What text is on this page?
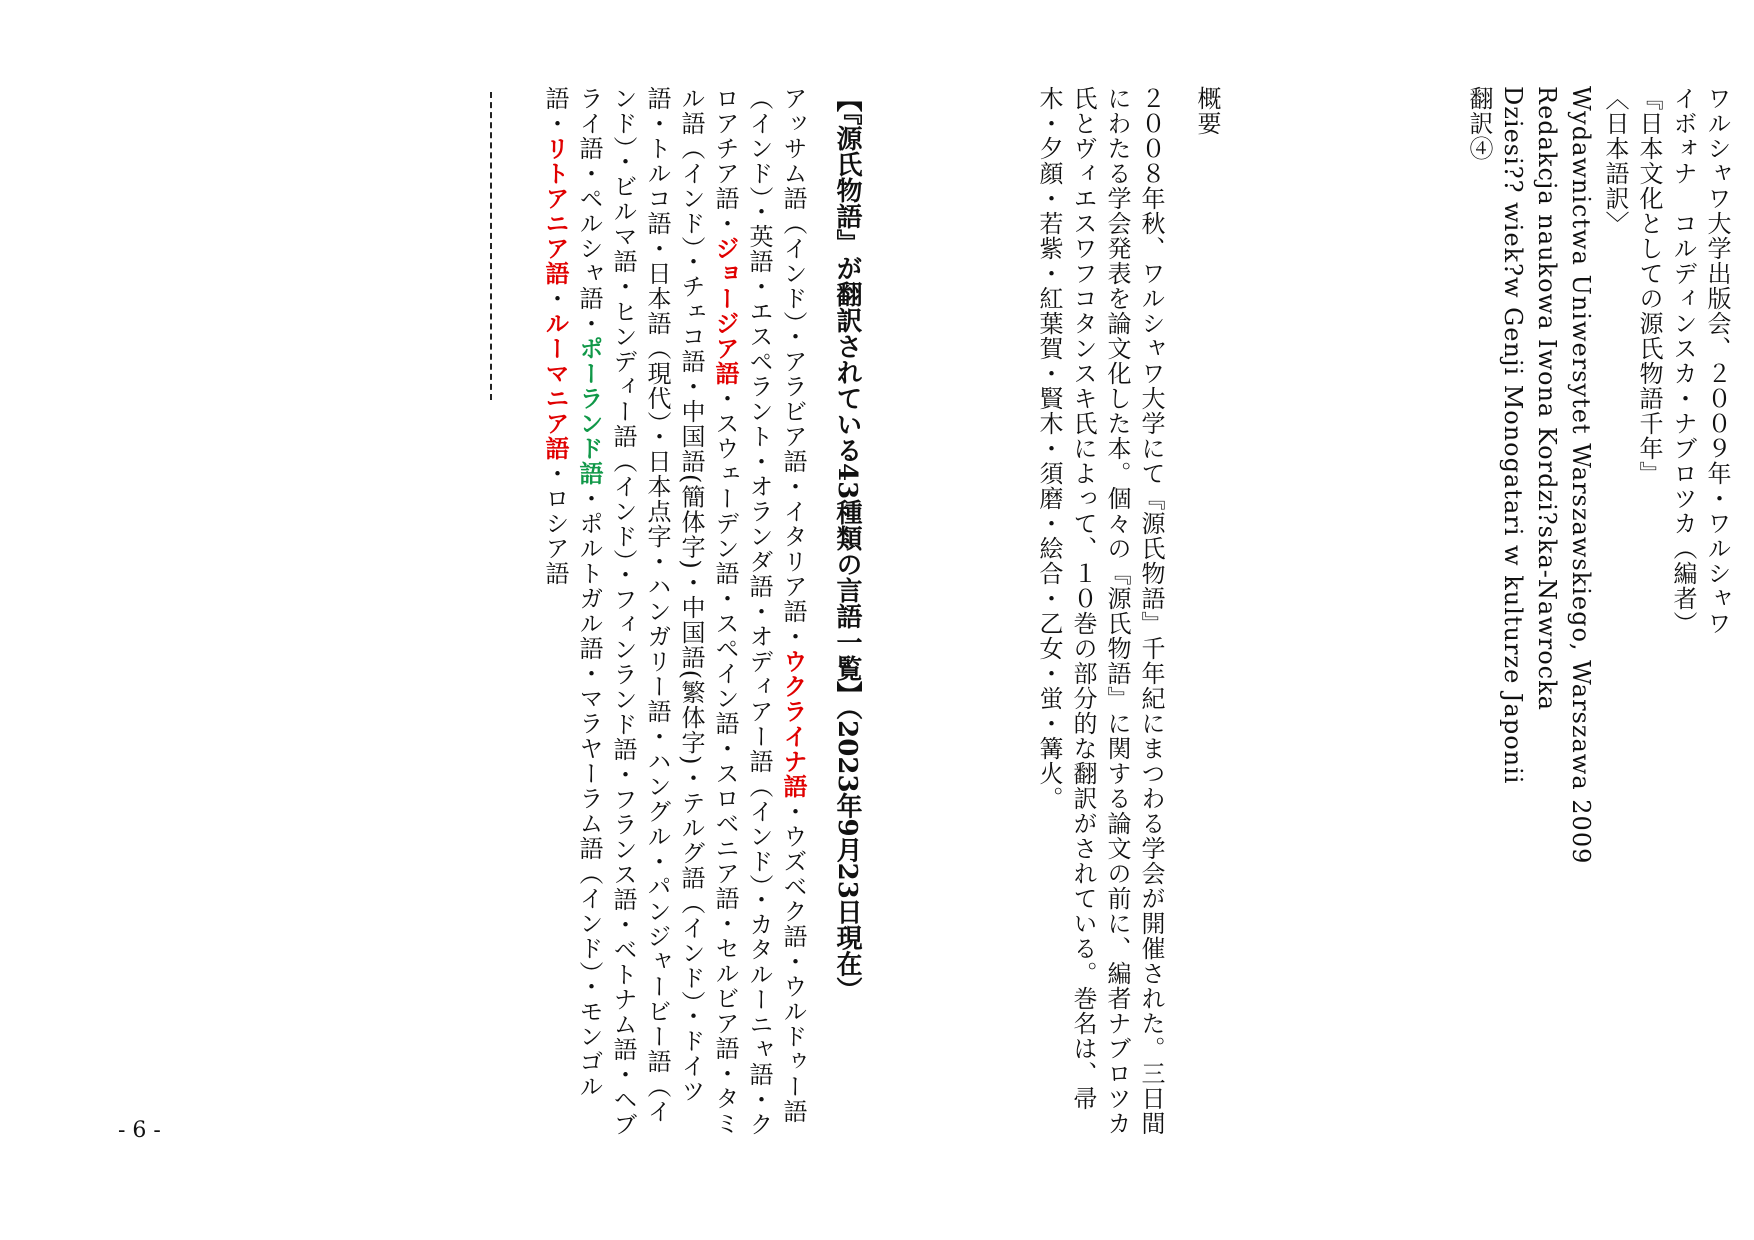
翻訳④ Dziesi?? wiek?w Genji Monogatari w kulturze Japonii Redakcja naukowa Iwona Kordzi?ska-Nawrocka Wydawnictwa Uniwersytet Warszawskiego, Warszawa 2009 〈日本語訳〉 『日本文化としての源氏物語千年』 イボォナ　コルディンスカ・ナブロツカ（編者） ワルシャワ大学出版会、２００９年・ワルシャワ
概要
２００８年秋、ワルシャワ大学にて『源氏物語』千年紀にまつわる学会が開催された。三日間にわたる学会発表を論文化した本。個々の『源氏物語』に関する論文の前に、編者ナブロツカ氏とヴィエスワフコタンスキ氏によって、１０巻の部分的な翻訳がされている。巻名は、帚木・夕顔・若紫・紅葉賀・賢木・須磨・絵合・乙女・蛍・篝火。
【『源氏物語』が翻訳されている43種類の言語一覧】（2023年9月23日現在）
アッサム語（インド）・アラビア語・イタリア語・ウクライナ語・ウズベク語・ウルドゥー語（インド）・英語・エスペラント・オランダ語・オディアー語（インド）・カタルーニャ語・クロアチア語・ジョージア語・スウェーデン語・スペイン語・スロベニア語・セルビア語・タミル語（インド）・チェコ語・中国語(簡体字)・中国語(繁体字)・テルグ語（インド）・ドイツ語・トルコ語・日本語（現代）・日本点字・ハンガリー語・ハングル・パンジャービー語（インド）・ビルマ語・ヒンディー語（インド）・フィンランド語・フランス語・ベトナム語・ヘブライ語・ペルシャ語・ポーランド語・ポルトガル語・マラヤーラム語（インド）・モンゴル語・リトアニア語・ルーマニア語・ロシア語
- 6 -
